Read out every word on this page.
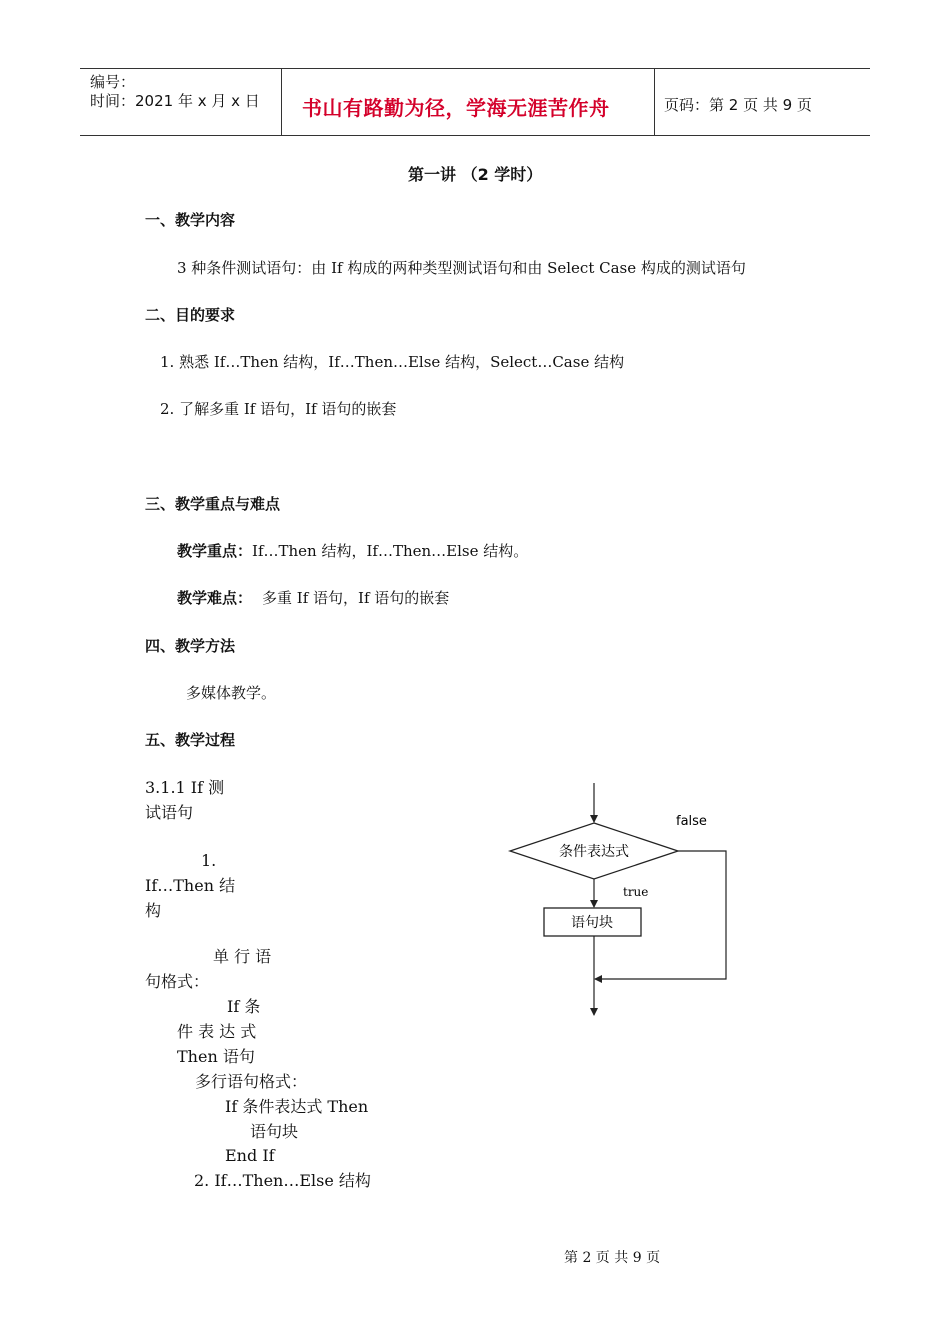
编号：
时间：2021 年 x 月 x 日 书山有路勤为径，学海无涯苦作舟	页码：第 2 页 共 9 页
第一讲 （2 学时）
一、教学内容
3 种条件测试语句：由 If 构成的两种类型测试语句和由 Select Case 构成的测试语句
二、目的要求
1. 熟悉 If…Then 结构，If…Then…Else 结构，Select…Case 结构
2. 了解多重 If 语句，If 语句的嵌套
三、教学重点与难点
教学重点：If…Then 结构，If…Then…Else 结构。
教学难点： 多重 If 语句，If 语句的嵌套
四、教学方法
多媒体教学。
五、教学过程
3.1.1 If 测
试语句
1.
If…Then 结
构
单 行 语
句格式：
If 条
件 表 达 式
Then 语句
多行语句格式：
If 条件表达式 Then
语句块
End If
2. If…Then…Else 结构
条件表达式
true
语句块
false
第 2 页 共 9 页
